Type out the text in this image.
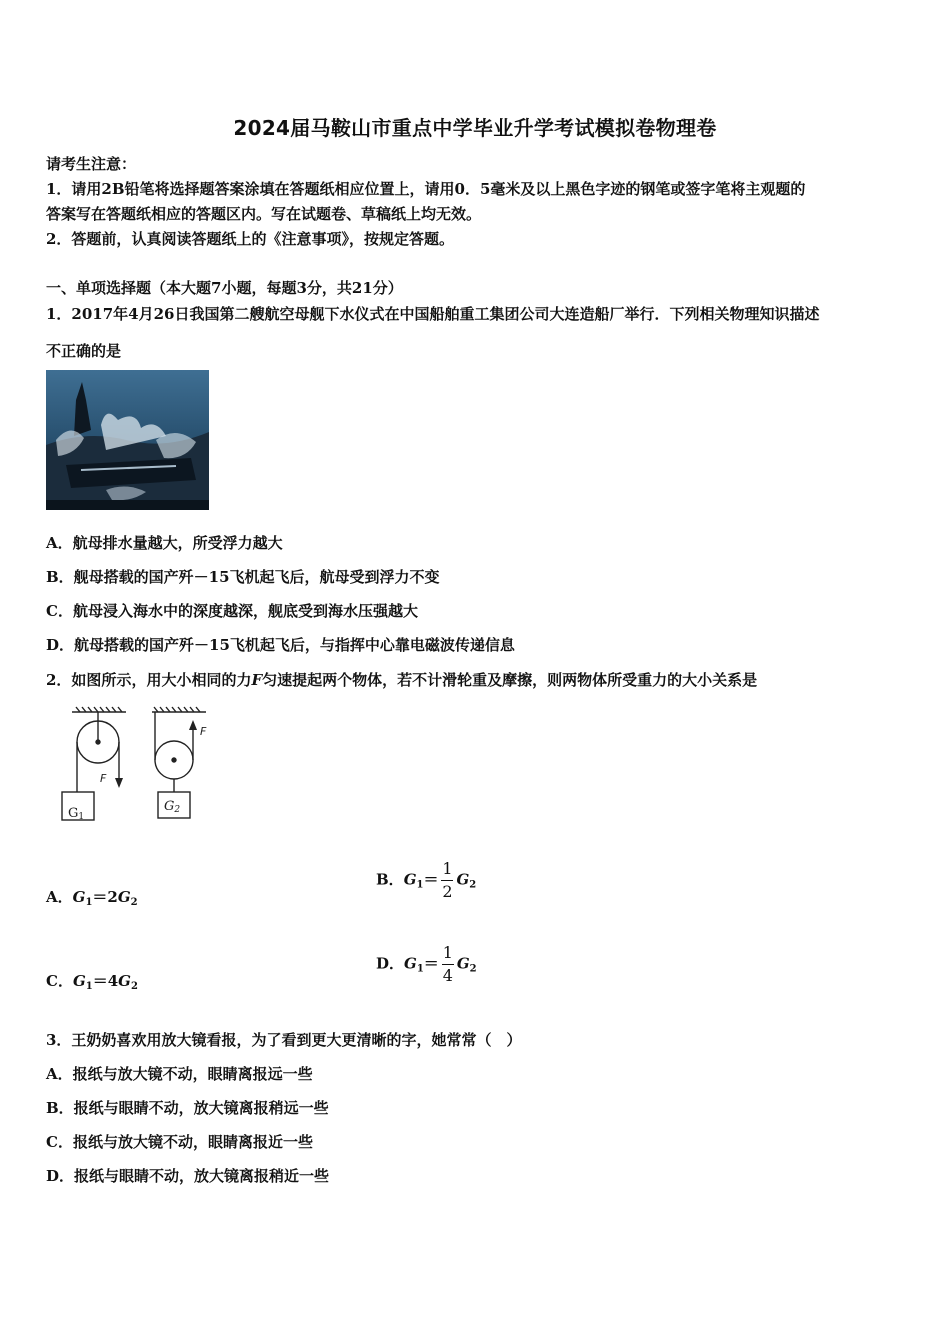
2024届马鞍山市重点中学毕业升学考试模拟卷物理卷
请考生注意：
1．请用2B铅笔将选择题答案涂填在答题纸相应位置上，请用0．5毫米及以上黑色字迹的钢笔或签字笔将主观题的
答案写在答题纸相应的答题区内。写在试题卷、草稿纸上均无效。
2．答题前，认真阅读答题纸上的《注意事项》，按规定答题。
一、单项选择题（本大题7小题，每题3分，共21分）
1．2017年4月26日我国第二艘航空母舰下水仪式在中国船舶重工集团公司大连造船厂举行．下列相关物理知识描述
不正确的是
A．航母排水量越大，所受浮力越大
B．舰母搭载的国产歼－15飞机起飞后，航母受到浮力不变
C．航母浸入海水中的深度越深，舰底受到海水压强越大
D．航母搭载的国产歼－15飞机起飞后，与指挥中心靠电磁波传递信息
2．如图所示，用大小相同的力F匀速提起两个物体，若不计滑轮重及摩擦，则两物体所受重力的大小关系是
F
F
G1
G2
A．$G_1=2G_2$
B．$G_1= \frac{1}{2} G_2$
C．$G_1=4G_2$
D．$G_1= \frac{1}{4} G_2$
3．王奶奶喜欢用放大镜看报，为了看到更大更清晰的字，她常常（　）
A．报纸与放大镜不动，眼睛离报远一些
B．报纸与眼睛不动，放大镜离报稍远一些
C．报纸与放大镜不动，眼睛离报近一些
D．报纸与眼睛不动，放大镜离报稍近一些
